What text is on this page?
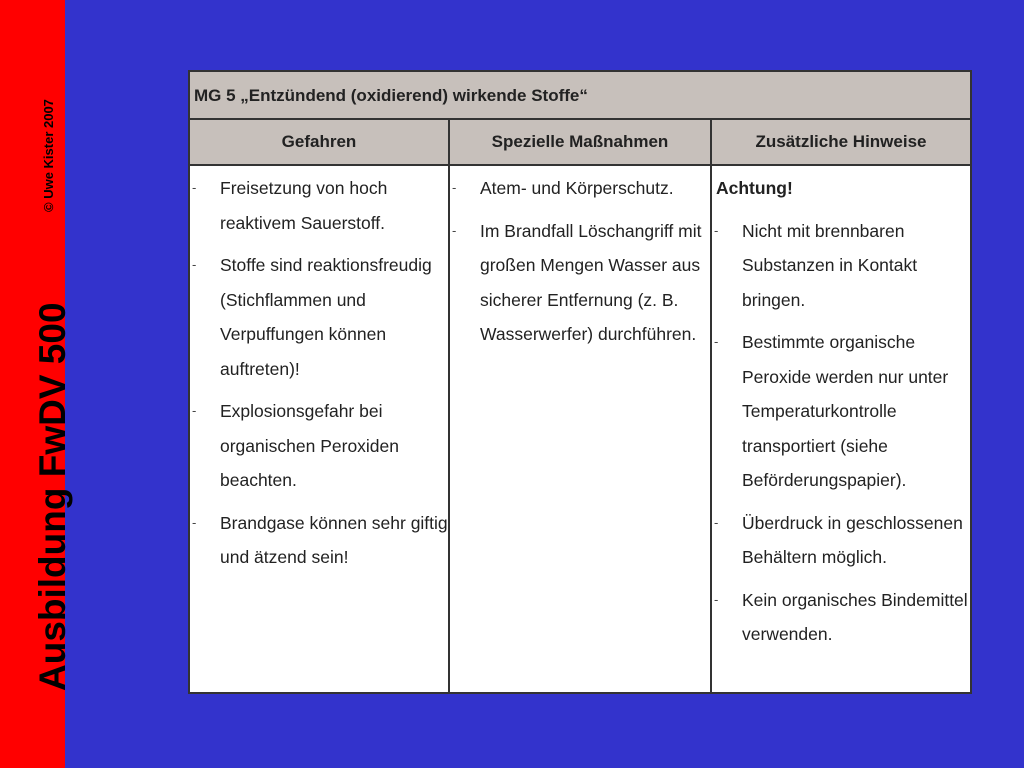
Ausbildung FwDV 500
© Uwe Kister 2007
MG 5 „Entzündend (oxidierend) wirkende Stoffe“
Gefahren	Spezielle Maßnahmen	Zusätzliche Hinweise
- Freisetzung von hoch reaktivem Sauerstoff.
- Stoffe sind reaktionsfreudig (Stichflammen und Verpuffungen können auftreten)!
- Explosionsgefahr bei organischen Peroxiden beachten.
- Brandgase können sehr giftig und ätzend sein!
- Atem- und Körperschutz.
- Im Brandfall Löschangriff mit großen Mengen Wasser aus sicherer Entfernung (z. B. Wasserwerfer) durchführen.
Achtung!
- Nicht mit brennbaren Substanzen in Kontakt bringen.
- Bestimmte organische Peroxide werden nur unter Temperaturkontrolle transportiert (siehe Beförderungspapier).
- Überdruck in geschlossenen Behältern möglich.
- Kein organisches Bindemittel verwenden.
